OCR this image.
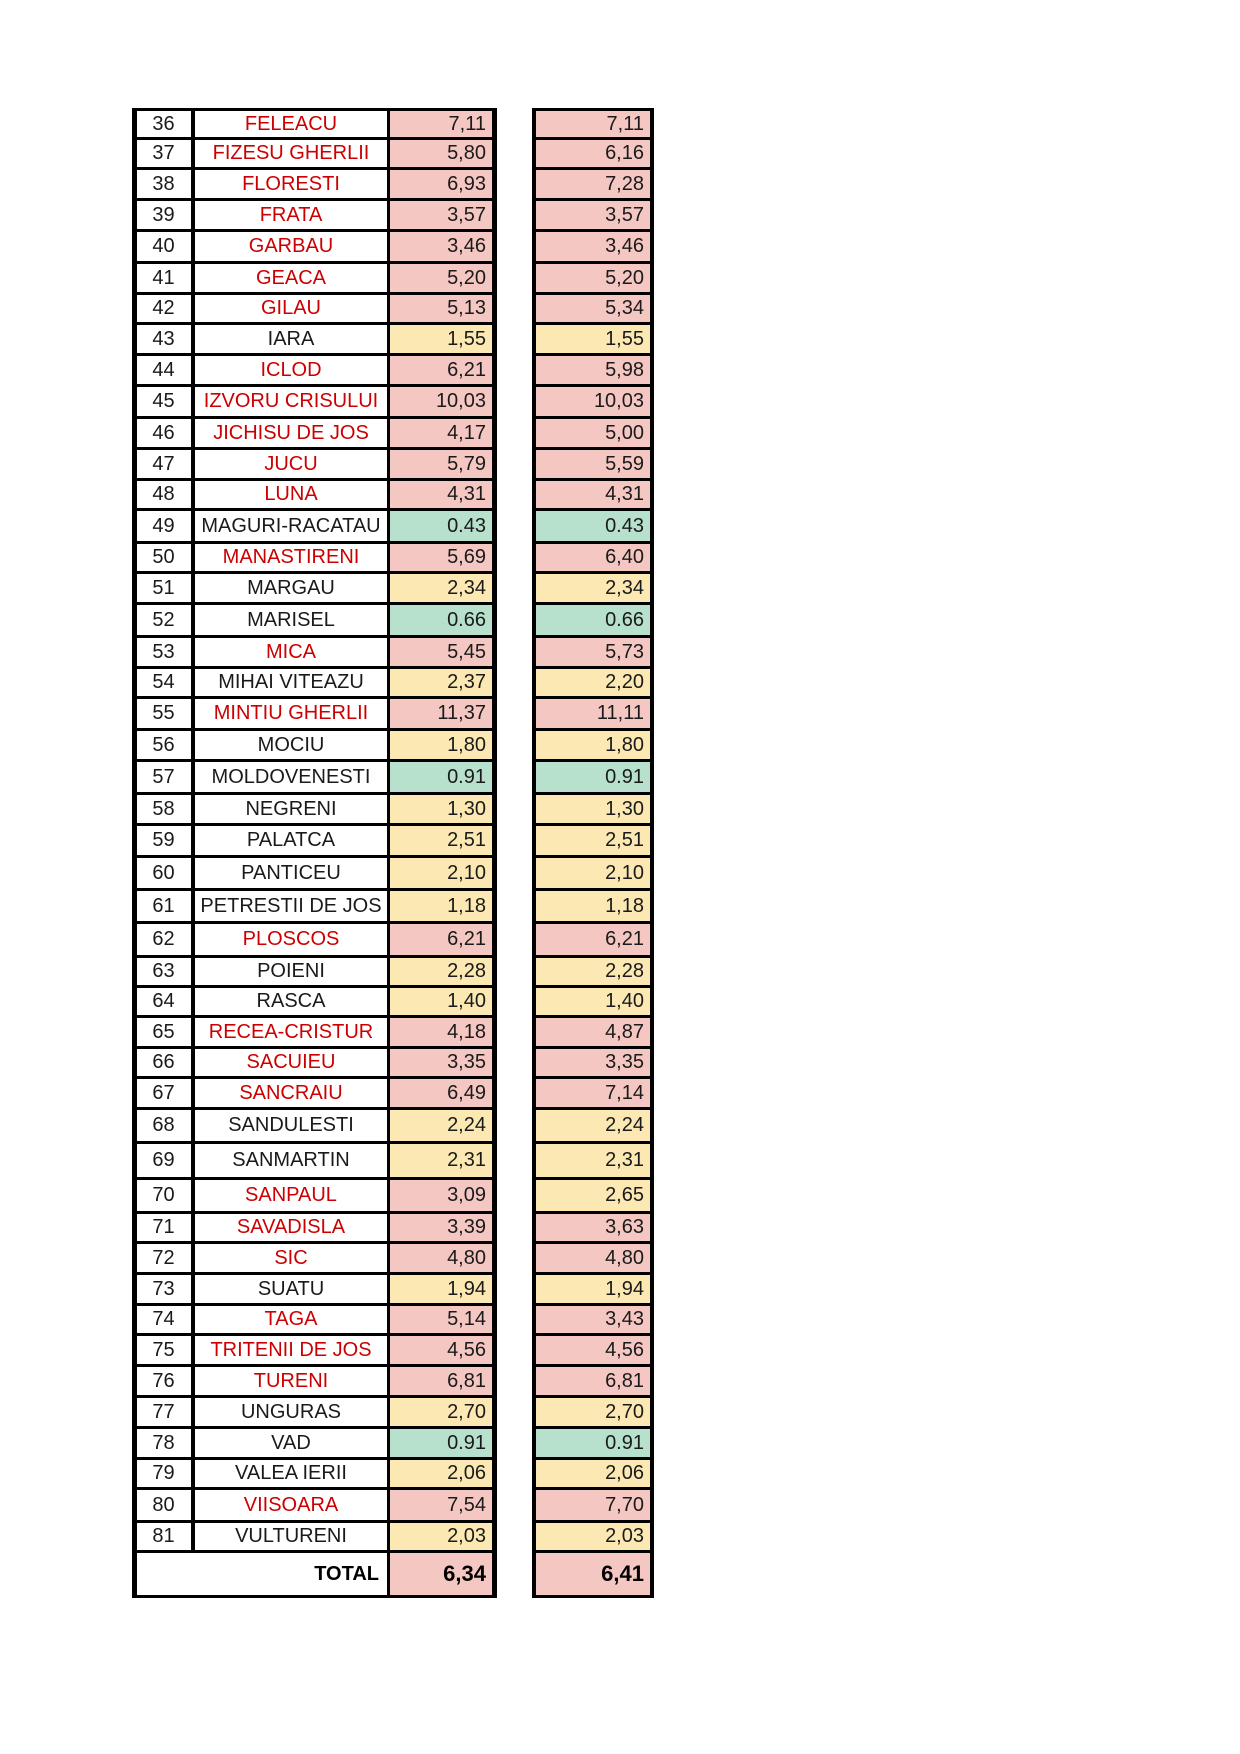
36	FELEACU	7,11	7,11
37	FIZESU GHERLII	5,80	6,16
38	FLORESTI	6,93	7,28
39	FRATA	3,57	3,57
40	GARBAU	3,46	3,46
41	GEACA	5,20	5,20
42	GILAU	5,13	5,34
43	IARA	1,55	1,55
44	ICLOD	6,21	5,98
45	IZVORU CRISULUI	10,03	10,03
46	JICHISU DE JOS	4,17	5,00
47	JUCU	5,79	5,59
48	LUNA	4,31	4,31
49	MAGURI-RACATAU	0.43	0.43
50	MANASTIRENI	5,69	6,40
51	MARGAU	2,34	2,34
52	MARISEL	0.66	0.66
53	MICA	5,45	5,73
54	MIHAI VITEAZU	2,37	2,20
55	MINTIU GHERLII	11,37	11,11
56	MOCIU	1,80	1,80
57	MOLDOVENESTI	0.91	0.91
58	NEGRENI	1,30	1,30
59	PALATCA	2,51	2,51
60	PANTICEU	2,10	2,10
61	PETRESTII DE JOS	1,18	1,18
62	PLOSCOS	6,21	6,21
63	POIENI	2,28	2,28
64	RASCA	1,40	1,40
65	RECEA-CRISTUR	4,18	4,87
66	SACUIEU	3,35	3,35
67	SANCRAIU	6,49	7,14
68	SANDULESTI	2,24	2,24
69	SANMARTIN	2,31	2,31
70	SANPAUL	3,09	2,65
71	SAVADISLA	3,39	3,63
72	SIC	4,80	4,80
73	SUATU	1,94	1,94
74	TAGA	5,14	3,43
75	TRITENII DE JOS	4,56	4,56
76	TURENI	6,81	6,81
77	UNGURAS	2,70	2,70
78	VAD	0.91	0.91
79	VALEA IERII	2,06	2,06
80	VIISOARA	7,54	7,70
81	VULTURENI	2,03	2,03
TOTAL	6,34	6,41
